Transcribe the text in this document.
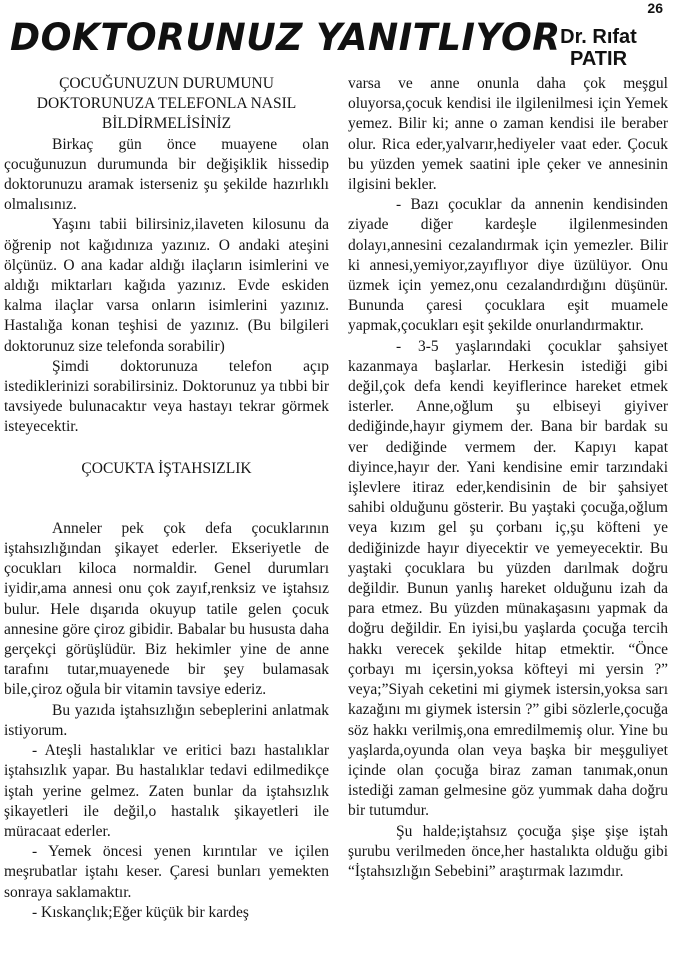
26
DOKTORUNUZ YANITLIYOR Dr. Rıfat
PATIR

ÇOCUĞUNUZUN DURUMUNU

DOKTORUNUZA TELEFONLA NASIL

BİLDİRMELİSİNİZ

Birkaç gün önce muayene olan çocuğunuzun durumunda bir değişiklik hissedip doktorunuzu aramak isterseniz şu şekilde hazırlıklı olmalısınız.

Yaşını tabii bilirsiniz,ilaveten kilosunu da öğrenip not kağıdınıza yazınız. O andaki ateşini ölçünüz. O ana kadar aldığı ilaçların isimlerini ve aldığı miktarları kağıda yazınız. Evde eskiden kalma ilaçlar varsa onların isimlerini yazınız. Hastalığa konan teşhisi de yazınız. (Bu bilgileri doktorunuz size telefonda sorabilir)

Şimdi doktorunuza telefon açıp istediklerinizi sorabilirsiniz. Doktorunuz ya tıbbi bir tavsiyede bulunacaktır veya hastayı tekrar görmek isteyecektir.

ÇOCUKTA İŞTAHSIZLIK

Anneler pek çok defa çocuklarının iştahsızlığından şikayet ederler. Ekseriyetle de çocukları kiloca normaldir. Genel durumları iyidir,ama annesi onu çok zayıf,renksiz ve iştahsız bulur. Hele dışarıda okuyup tatile gelen çocuk annesine göre çiroz gibidir. Babalar bu hususta daha gerçekçi görüşlüdür. Biz hekimler yine de anne tarafını tutar,muayenede bir şey bulamasak bile,çiroz oğula bir vitamin tavsiye ederiz.

Bu yazıda iştahsızlığın sebeplerini anlatmak istiyorum.

- Ateşli hastalıklar ve eritici bazı hastalıklar iştahsızlık yapar. Bu hastalıklar tedavi edilmedikçe iştah yerine gelmez. Zaten bunlar da iştahsızlık şikayetleri ile değil,o hastalık şikayetleri ile müracaat ederler.

- Yemek öncesi yenen kırıntılar ve içilen meşrubatlar iştahı keser. Çaresi bunları yemekten sonraya saklamaktır.

- Kıskançlık;Eğer küçük bir kardeş

varsa ve anne onunla daha çok meşgul oluyorsa,çocuk kendisi ile ilgilenilmesi için Yemek yemez. Bilir ki; anne o zaman kendisi ile beraber olur. Rica eder,yalvarır,hediyeler vaat eder. Çocuk bu yüzden yemek saatini iple çeker ve annesinin ilgisini bekler.

- Bazı çocuklar da annenin kendisinden ziyade diğer kardeşle ilgilenmesinden dolayı,annesini cezalandırmak için yemezler. Bilir ki annesi,yemiyor,zayıflıyor diye üzülüyor. Onu üzmek için yemez,onu cezalandırdığını düşünür. Bununda çaresi çocuklara eşit muamele yapmak,çocukları eşit şekilde onurlandırmaktır.

- 3-5 yaşlarındaki çocuklar şahsiyet kazanmaya başlarlar. Herkesin istediği gibi değil,çok defa kendi keyiflerince hareket etmek isterler. Anne,oğlum şu elbiseyi giyiver dediğinde,hayır giymem der. Bana bir bardak su ver dediğinde vermem der. Kapıyı kapat diyince,hayır der. Yani kendisine emir tarzındaki işlevlere itiraz eder,kendisinin de bir şahsiyet sahibi olduğunu gösterir. Bu yaştaki çocuğa,oğlum veya kızım gel şu çorbanı iç,şu köfteni ye dediğinizde hayır diyecektir ve yemeyecektir. Bu yaştaki çocuklara bu yüzden darılmak doğru değildir. Bunun yanlış hareket olduğunu izah da para etmez. Bu yüzden münakaşasını yapmak da doğru değildir. En iyisi,bu yaşlarda çocuğa tercih hakkı verecek şekilde hitap etmektir. “Önce çorbayı mı içersin,yoksa köfteyi mi yersin ?” veya;”Siyah ceketini mi giymek istersin,yoksa sarı kazağını mı giymek istersin ?” gibi sözlerle,çocuğa söz hakkı verilmiş,ona emredilmemiş olur. Yine bu yaşlarda,oyunda olan veya başka bir meşguliyet içinde olan çocuğa biraz zaman tanımak,onun istediği zaman gelmesine göz yummak daha doğru bir tutumdur.

Şu halde;iştahsız çocuğa şişe şişe iştah şurubu verilmeden önce,her hastalıkta olduğu gibi “İştahsızlığın Sebebini” araştırmak lazımdır.
